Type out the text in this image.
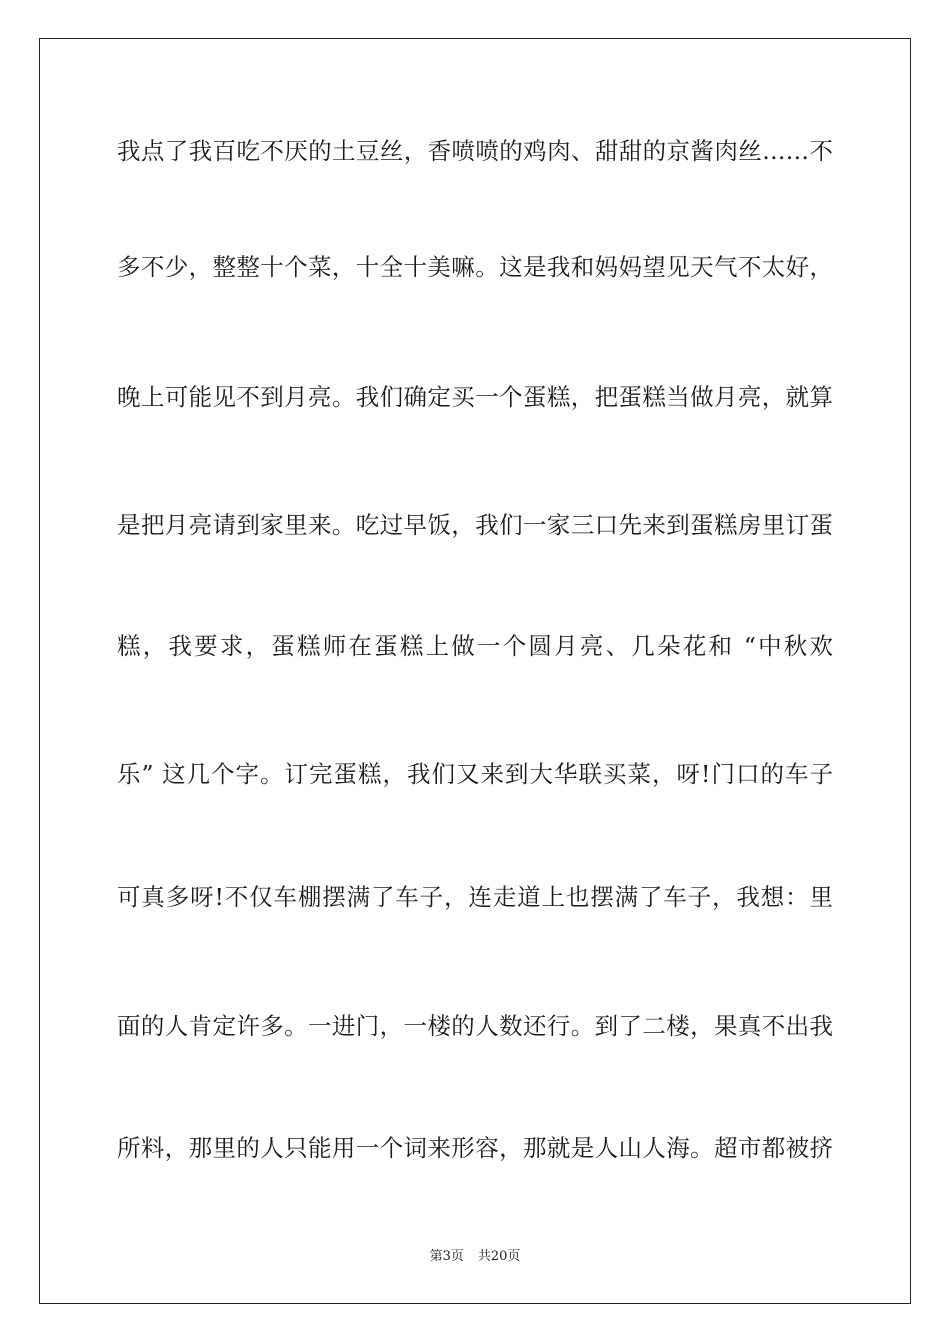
我点了我百吃不厌的土豆丝，香喷喷的鸡肉、甜甜的京酱肉丝……不
多不少，整整十个菜，十全十美嘛。这是我和妈妈望见天气不太好，
晚上可能见不到月亮。我们确定买一个蛋糕，把蛋糕当做月亮，就算
是把月亮请到家里来。吃过早饭，我们一家三口先来到蛋糕房里订蛋
糕，我要求，蛋糕师在蛋糕上做一个圆月亮、几朵花和 “中秋欢
乐” 这几个字。订完蛋糕，我们又来到大华联买菜，呀!门口的车子
可真多呀!不仅车棚摆满了车子，连走道上也摆满了车子，我想：里
面的人肯定许多。一进门，一楼的人数还行。到了二楼，果真不出我
所料，那里的人只能用一个词来形容，那就是人山人海。超市都被挤
第3页 共20页
